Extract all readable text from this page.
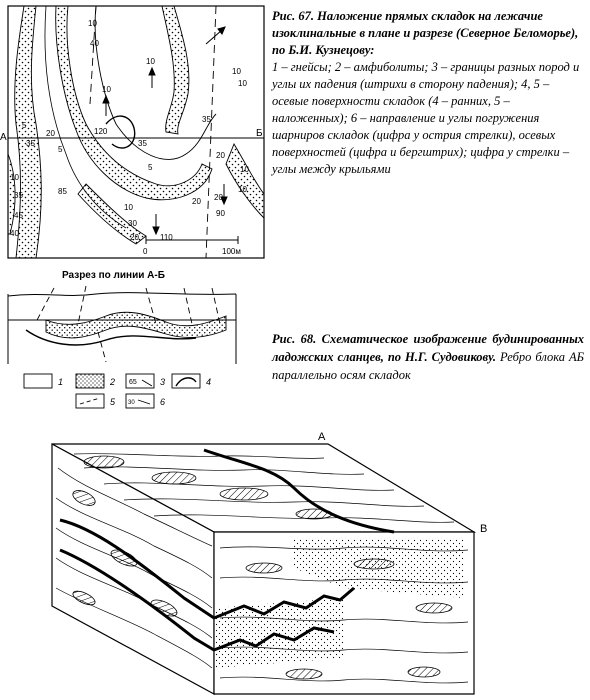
Рис. 67. Наложение прямых складок на лежачие изоклинальные в плане и разрезе (Северное Беломорье), по Б.И. Кузнецову:
1 – гнейсы; 2 – амфиболиты; 3 – границы разных пород и углы их падения (штрихи в сторону падения); 4, 5 – осевые поверхности складок (4 – ранних, 5 – наложенных); 6 – направление и углы погружения шарниров складок (цифра у острия стрелки), осевых поверхностей (цифра и бергштрих); цифра у стрелки – углы между крыльями
Рис. 68. Схематическое изображение будинированных ладожских сланцев, по Н.Г. Судовикову. Ребро блока АБ параллельно осям складок
А	Б
10
40
10
10
5
35
20
10
10
35
5
120
10
35
35
10
45
85
5
10
20
20
40
10
30
20 20
110
90
0	100м
Разрез по линии А-Б
1	2 65	3	4
5 30	6
А
B
